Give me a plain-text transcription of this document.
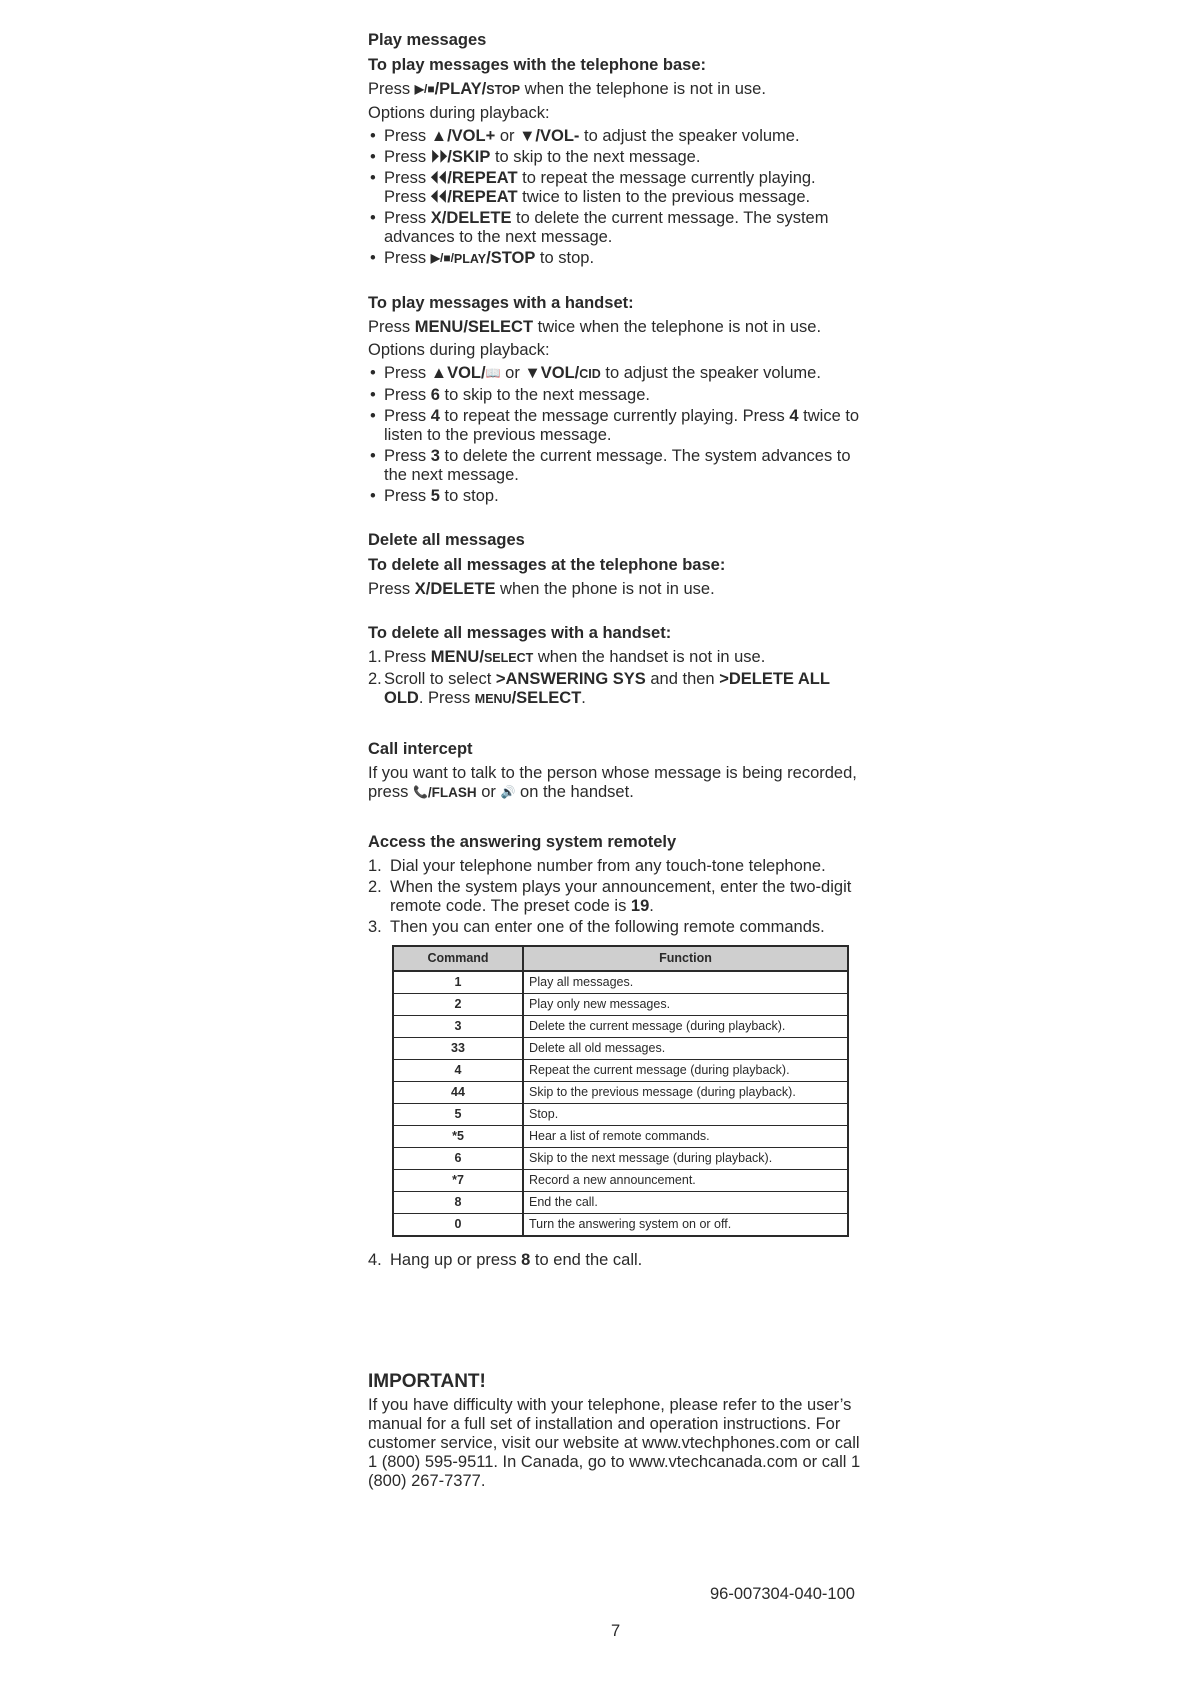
Play messages
To play messages with the telephone base:

Press ▶/■/PLAY/STOP when the telephone is not in use.

Options during playback:

• Press ▲/VOL+ or ▼/VOL- to adjust the speaker volume.
• Press ⏵⏵/SKIP to skip to the next message.
• Press ⏴⏴/REPEAT to repeat the message currently playing.
Press ⏴⏴/REPEAT twice to listen to the previous message.
• Press X/DELETE to delete the current message. The system advances to the next message.
• Press ▶/■/PLAY/STOP to stop.
To play messages with a handset:

Press MENU/SELECT twice when the telephone is not in use.

Options during playback:

• Press ▲VOL/📖 or ▼VOL/CID to adjust the speaker volume.
• Press 6 to skip to the next message.
• Press 4 to repeat the message currently playing. Press 4 twice to listen to the previous message.
• Press 3 to delete the current message. The system advances to the next message.
• Press 5 to stop.
Delete all messages
To delete all messages at the telephone base:

Press X/DELETE when the phone is not in use.

To delete all messages with a handset:
1. Press MENU/SELECT when the handset is not in use.
2. Scroll to select >ANSWERING SYS and then >DELETE ALL OLD. Press MENU/SELECT.
Call intercept

If you want to talk to the person whose message is being recorded, press 📞/FLASH or 🔊 on the handset.

Access the answering system remotely
1. Dial your telephone number from any touch-tone telephone.
2. When the system plays your announcement, enter the two-digit remote code. The preset code is 19.
3. Then you can enter one of the following remote commands.
Command	Function
1	Play all messages.
2	Play only new messages.
3	Delete the current message (during playback).
33	Delete all old messages.
4	Repeat the current message (during playback).
44	Skip to the previous message (during playback).
5	Stop.
*5	Hear a list of remote commands.
6	Skip to the next message (during playback).
*7	Record a new announcement.
8	End the call.
0	Turn the answering system on or off.
4. Hang up or press 8 to end the call.
IMPORTANT!

If you have difficulty with your telephone, please refer to the user’s manual for a full set of installation and operation instructions. For customer service, visit our website at www.vtechphones.com or call 1 (800) 595-9511. In Canada, go to www.vtechcanada.com or call 1 (800) 267-7377.

96-007304-040-100
7
